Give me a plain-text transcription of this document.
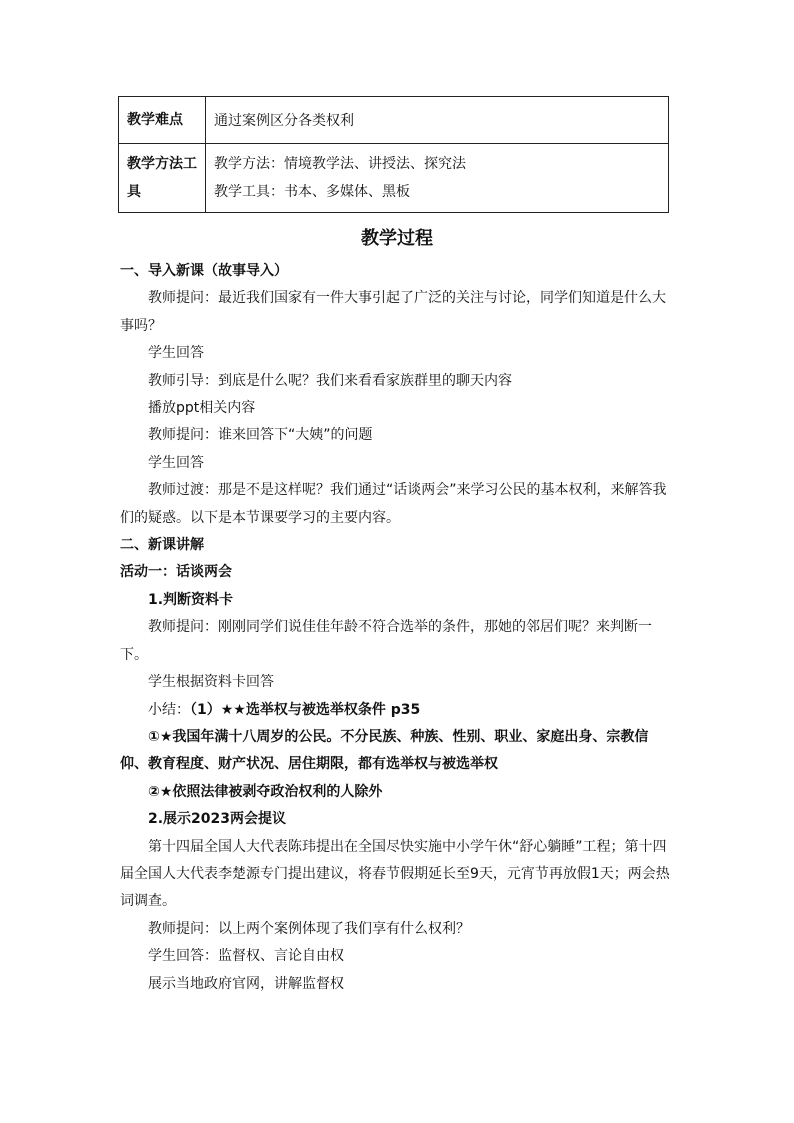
教学难点	通过案例区分各类权利
教学方法工具	教学方法：情境教学法、讲授法、探究法
教学工具：书本、多媒体、黑板
教学过程

一、导入新课（故事导入）

教师提问：最近我们国家有一件大事引起了广泛的关注与讨论，同学们知道是什么大事吗？

学生回答

教师引导：到底是什么呢？我们来看看家族群里的聊天内容

播放ppt相关内容

教师提问：谁来回答下“大姨”的问题

学生回答

教师过渡：那是不是这样呢？我们通过“话谈两会”来学习公民的基本权利，来解答我们的疑惑。以下是本节课要学习的主要内容。

二、新课讲解

活动一：话谈两会

1.判断资料卡

教师提问：刚刚同学们说佳佳年龄不符合选举的条件，那她的邻居们呢？来判断一下。

学生根据资料卡回答

小结：（1）★★选举权与被选举权条件 p35

①★我国年满十八周岁的公民。不分民族、种族、性别、职业、家庭出身、宗教信仰、教育程度、财产状况、居住期限，都有选举权与被选举权

②★依照法律被剥夺政治权利的人除外

2.展示2023两会提议

第十四届全国人大代表陈玮提出在全国尽快实施中小学午休“舒心躺睡”工程；第十四届全国人大代表李楚源专门提出建议，将春节假期延长至9天，元宵节再放假1天；两会热词调查。

教师提问：以上两个案例体现了我们享有什么权利？

学生回答：监督权、言论自由权

展示当地政府官网，讲解监督权
